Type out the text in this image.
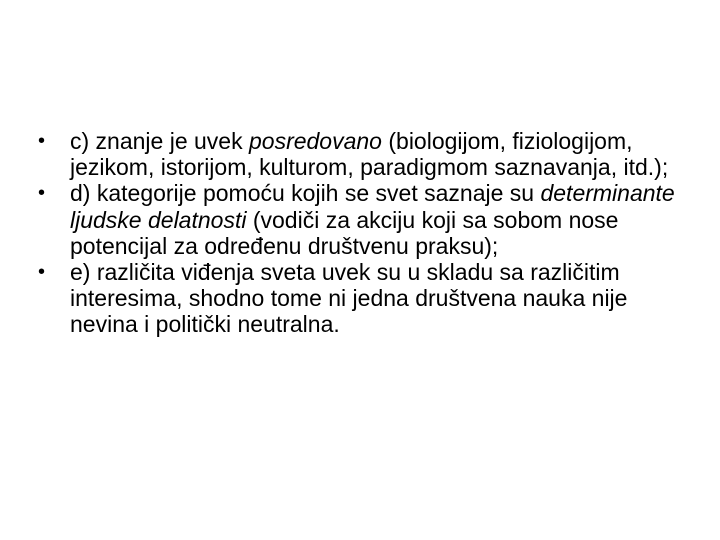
•	c) znanje je uvek posredovano (biologijom, fiziologijom, jezikom, istorijom, kulturom, paradigmom saznavanja, itd.);
•	d) kategorije pomoću kojih se svet saznaje su determinante ljudske delatnosti (vodiči za akciju koji sa sobom nose potencijal za određenu društvenu praksu);
•	e) različita viđenja sveta uvek su u skladu sa različitim interesima, shodno tome ni jedna društvena nauka nije nevina i politički neutralna.
